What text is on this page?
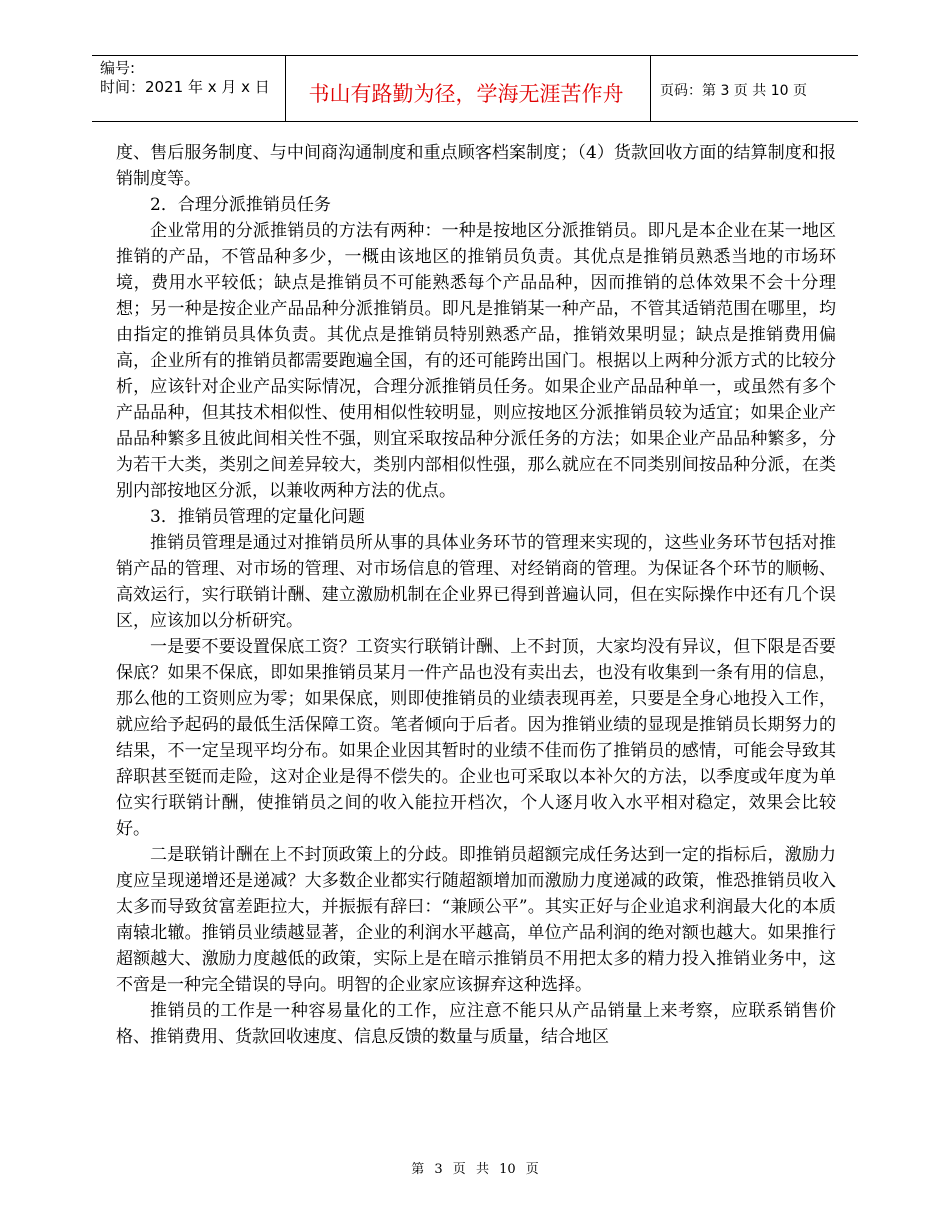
编号:
时间：2021 年 x 月 x 日	书山有路勤为径，学海无涯苦作舟	页码：第 3 页 共 10 页

度、售后服务制度、与中间商沟通制度和重点顾客档案制度；（4）货款回收方面的结算制度和报销制度等。

2．合理分派推销员任务

企业常用的分派推销员的方法有两种：一种是按地区分派推销员。即凡是本企业在某一地区推销的产品，不管品种多少，一概由该地区的推销员负责。其优点是推销员熟悉当地的市场环境，费用水平较低；缺点是推销员不可能熟悉每个产品品种，因而推销的总体效果不会十分理想；另一种是按企业产品品种分派推销员。即凡是推销某一种产品，不管其适销范围在哪里，均由指定的推销员具体负责。其优点是推销员特别熟悉产品，推销效果明显；缺点是推销费用偏高，企业所有的推销员都需要跑遍全国，有的还可能跨出国门。根据以上两种分派方式的比较分析，应该针对企业产品实际情况，合理分派推销员任务。如果企业产品品种单一，或虽然有多个产品品种，但其技术相似性、使用相似性较明显，则应按地区分派推销员较为适宜；如果企业产品品种繁多且彼此间相关性不强，则宜采取按品种分派任务的方法；如果企业产品品种繁多，分为若干大类，类别之间差异较大，类别内部相似性强，那么就应在不同类别间按品种分派，在类别内部按地区分派，以兼收两种方法的优点。

3．推销员管理的定量化问题

推销员管理是通过对推销员所从事的具体业务环节的管理来实现的，这些业务环节包括对推销产品的管理、对市场的管理、对市场信息的管理、对经销商的管理。为保证各个环节的顺畅、高效运行，实行联销计酬、建立激励机制在企业界已得到普遍认同，但在实际操作中还有几个误区，应该加以分析研究。

一是要不要设置保底工资？工资实行联销计酬、上不封顶，大家均没有异议，但下限是否要保底？如果不保底，即如果推销员某月一件产品也没有卖出去，也没有收集到一条有用的信息，那么他的工资则应为零；如果保底，则即使推销员的业绩表现再差，只要是全身心地投入工作，就应给予起码的最低生活保障工资。笔者倾向于后者。因为推销业绩的显现是推销员长期努力的结果，不一定呈现平均分布。如果企业因其暂时的业绩不佳而伤了推销员的感情，可能会导致其辞职甚至铤而走险，这对企业是得不偿失的。企业也可采取以本补欠的方法，以季度或年度为单位实行联销计酬，使推销员之间的收入能拉开档次，个人逐月收入水平相对稳定，效果会比较好。

二是联销计酬在上不封顶政策上的分歧。即推销员超额完成任务达到一定的指标后，激励力度应呈现递增还是递减？大多数企业都实行随超额增加而激励力度递减的政策，惟恐推销员收入太多而导致贫富差距拉大，并振振有辞曰：“兼顾公平”。其实正好与企业追求利润最大化的本质南辕北辙。推销员业绩越显著，企业的利润水平越高，单位产品利润的绝对额也越大。如果推行超额越大、激励力度越低的政策，实际上是在暗示推销员不用把太多的精力投入推销业务中，这不啻是一种完全错误的导向。明智的企业家应该摒弃这种选择。

推销员的工作是一种容易量化的工作，应注意不能只从产品销量上来考察，应联系销售价格、推销费用、货款回收速度、信息反馈的数量与质量，结合地区

第 3 页 共 10 页
